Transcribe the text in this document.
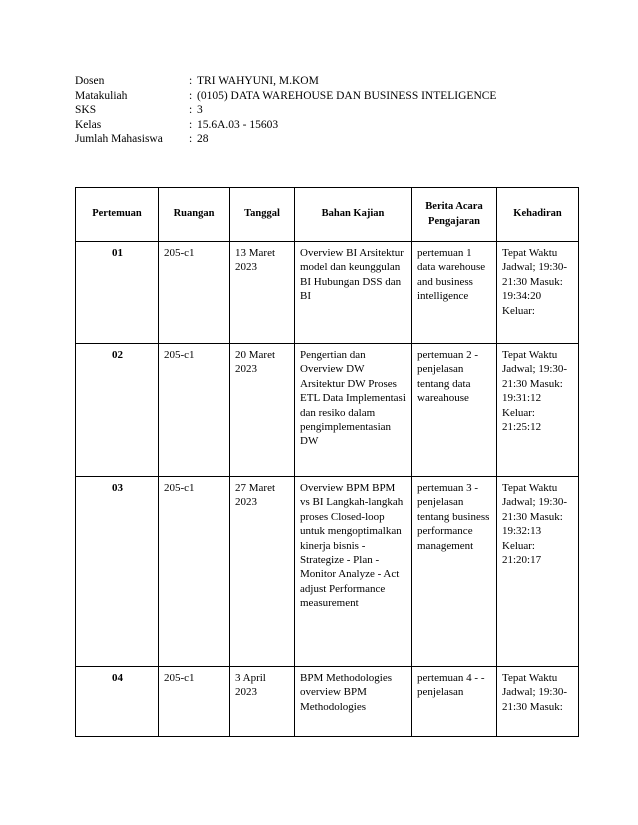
Dosen	: TRI WAHYUNI, M.KOM
Matakuliah	: (0105) DATA WAREHOUSE DAN BUSINESS INTELIGENCE
SKS	: 3
Kelas	: 15.6A.03 - 15603
Jumlah Mahasiswa	: 28
Pertemuan	Ruangan	Tanggal	Bahan Kajian	Berita Acara Pengajaran	Kehadiran
01	205-c1	13 Maret 2023	Overview BI Arsitektur model dan keunggulan BI Hubungan DSS dan BI	pertemuan 1 data warehouse and business intelligence	Tepat Waktu Jadwal; 19:30-21:30 Masuk: 19:34:20 Keluar:
02	205-c1	20 Maret 2023	Pengertian dan Overview DW Arsitektur DW Proses ETL Data Implementasi dan resiko dalam pengimplementasian DW	pertemuan 2 - penjelasan tentang data wareahouse	Tepat Waktu Jadwal; 19:30-21:30 Masuk: 19:31:12 Keluar: 21:25:12
03	205-c1	27 Maret 2023	Overview BPM BPM vs BI Langkah-langkah proses Closed-loop untuk mengoptimalkan kinerja bisnis - Strategize - Plan - Monitor Analyze - Act adjust Performance measurement	pertemuan 3 - penjelasan tentang business performance management	Tepat Waktu Jadwal; 19:30-21:30 Masuk: 19:32:13 Keluar: 21:20:17
04	205-c1	3 April 2023	BPM Methodologies overview BPM Methodologies	pertemuan 4 - - penjelasan	Tepat Waktu Jadwal; 19:30-21:30 Masuk:
